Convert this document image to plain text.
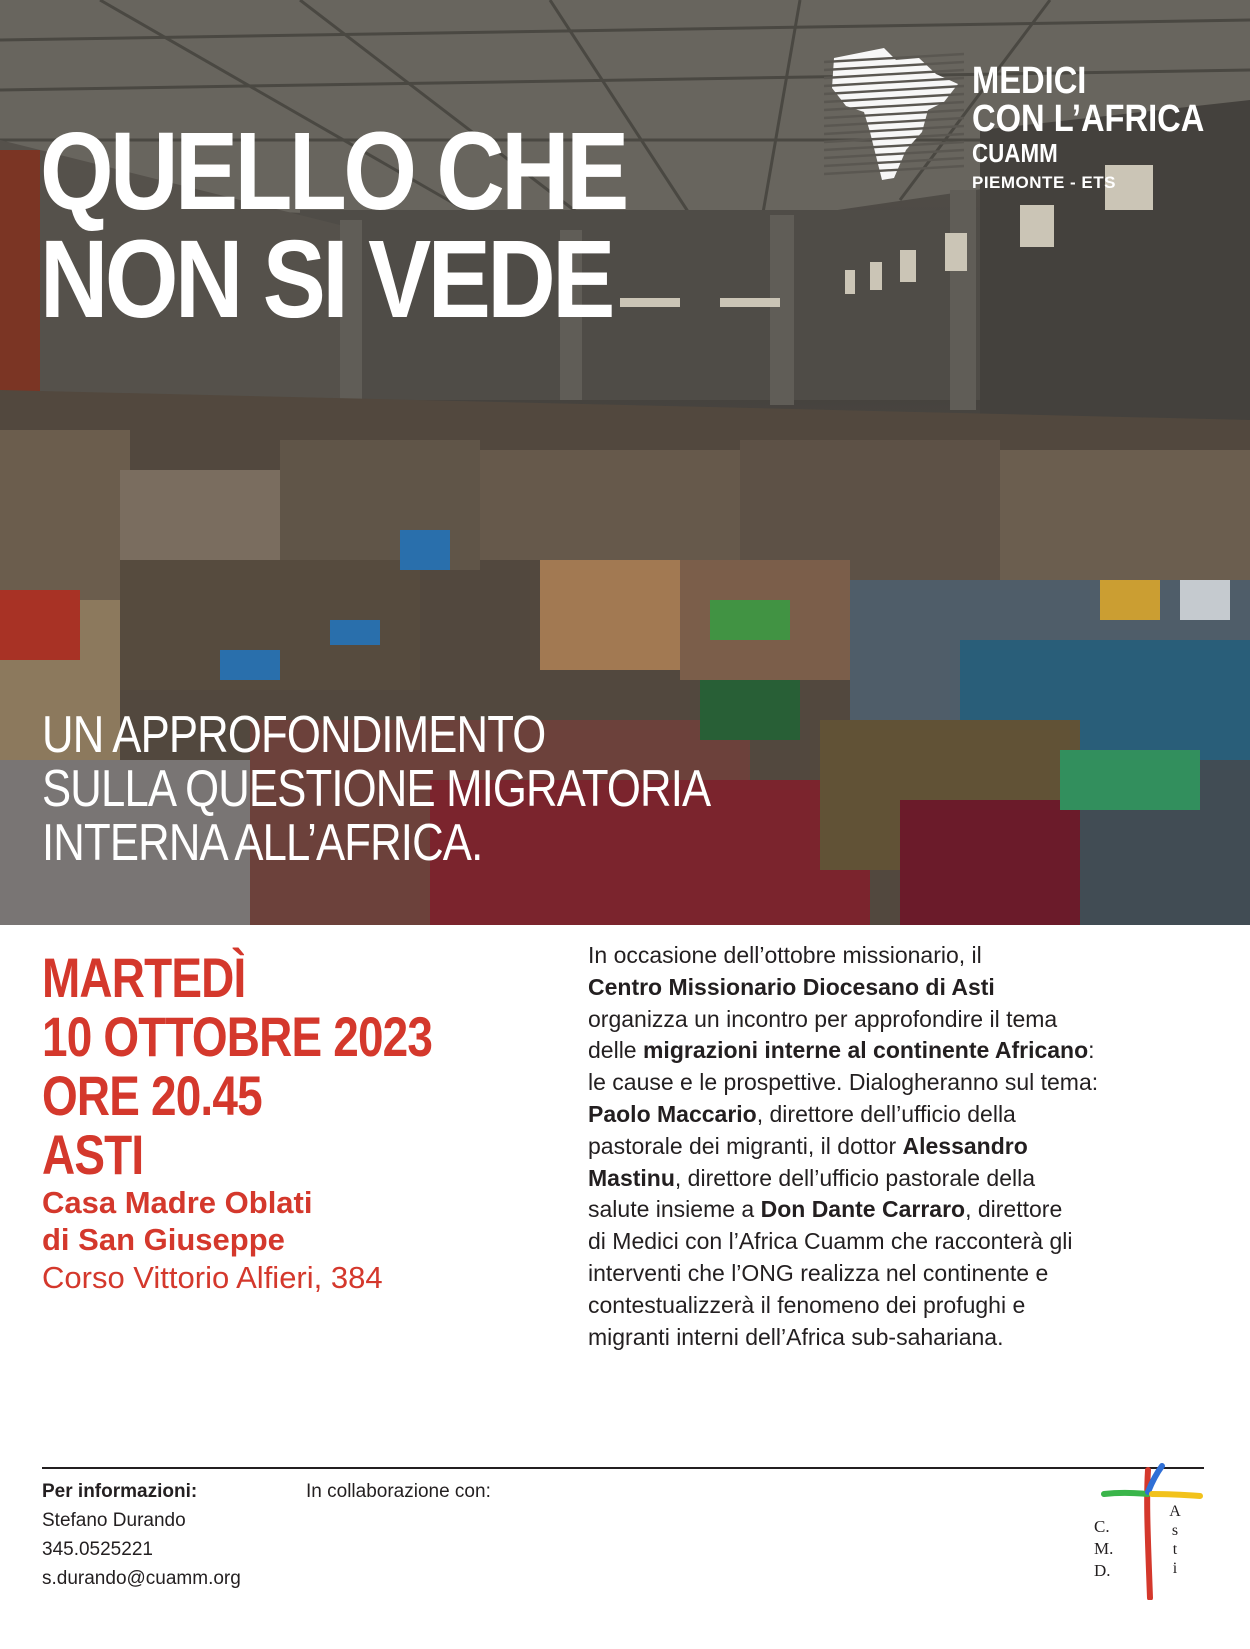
QUELLO CHE
NON SI VEDE

UN APPROFONDIMENTO
SULLA QUESTIONE MIGRATORIA
INTERNA ALL’AFRICA.

MEDICI
CON L’AFRICA
CUAMM
PIEMONTE - ETS
MARTEDÌ
10 OTTOBRE 2023
ORE 20.45
ASTI
Casa Madre Oblati
di San Giuseppe
Corso Vittorio Alfieri, 384
In occasione dell’ottobre missionario, il
Centro Missionario Diocesano di Asti
organizza un incontro per approfondire il tema
delle migrazioni interne al continente Africano:
le cause e le prospettive. Dialogheranno sul tema:
Paolo Maccario, direttore dell’ufficio della
pastorale dei migranti, il dottor Alessandro
Mastinu, direttore dell’ufficio pastorale della
salute insieme a Don Dante Carraro, direttore
di Medici con l’Africa Cuamm che racconterà gli
interventi che l’ONG realizza nel continente e
contestualizzerà il fenomeno dei profughi e
migranti interni dell’Africa sub-sahariana.
Per informazioni:
Stefano Durando
345.0525221
s.durando@cuamm.org
In collaborazione con:
C.
M.
D.
A
s
t
i
